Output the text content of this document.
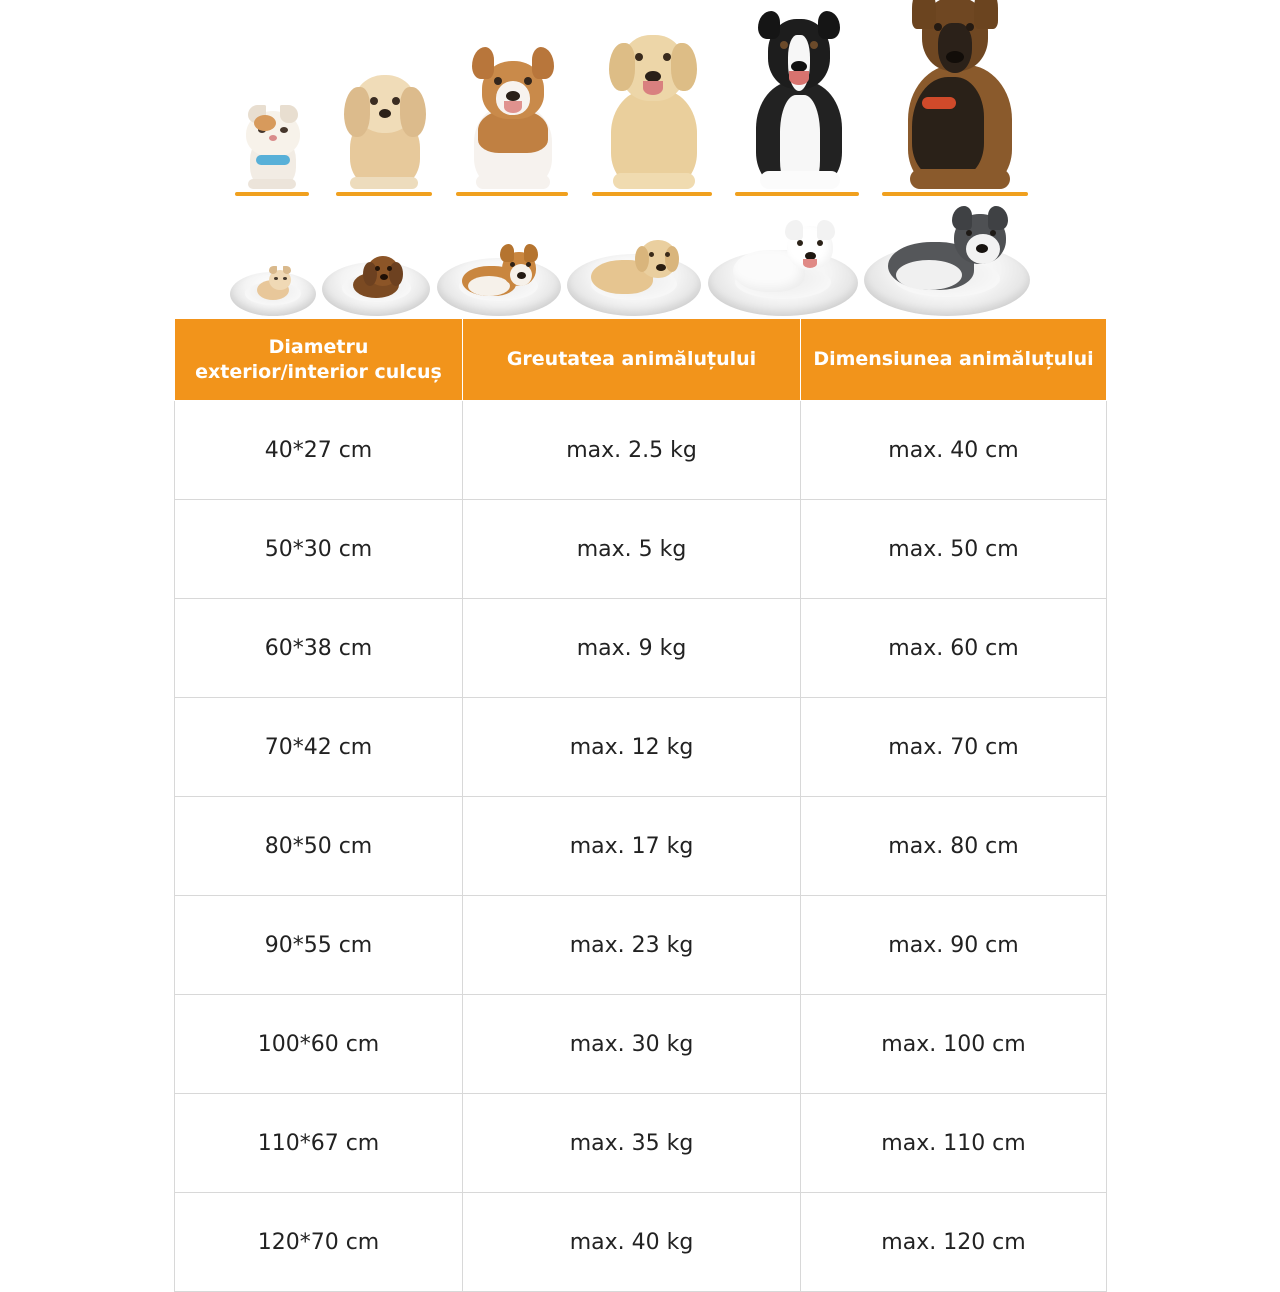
Diametru exterior/interior culcuș	Greutatea animăluțului	Dimensiunea animăluțului
40*27 cm	max. 2.5 kg	max. 40 cm
50*30 cm	max. 5 kg	max. 50 cm
60*38 cm	max. 9 kg	max. 60 cm
70*42 cm	max. 12 kg	max. 70 cm
80*50 cm	max. 17 kg	max. 80 cm
90*55 cm	max. 23 kg	max. 90 cm
100*60 cm	max. 30 kg	max. 100 cm
110*67 cm	max. 35 kg	max. 110 cm
120*70 cm	max. 40 kg	max. 120 cm
